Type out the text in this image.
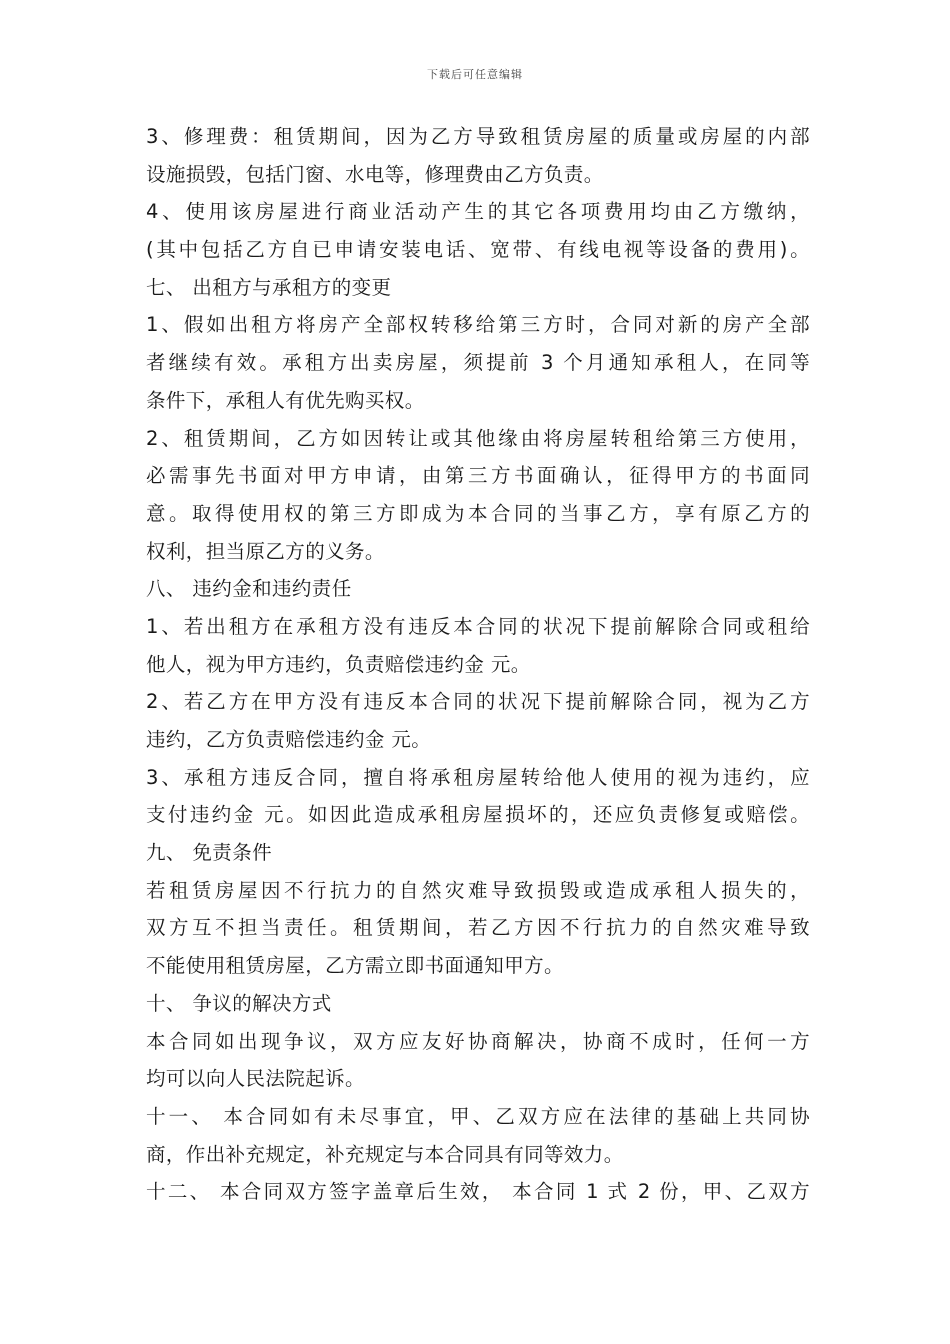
下载后可任意编辑
3、修理费：租赁期间，因为乙方导致租赁房屋的质量或房屋的内部
设施损毁，包括门窗、水电等，修理费由乙方负责。
4、使用该房屋进行商业活动产生的其它各项费用均由乙方缴纳，
(其中包括乙方自已申请安装电话、宽带、有线电视等设备的费用)。
七、 出租方与承租方的变更
1、假如出租方将房产全部权转移给第三方时，合同对新的房产全部
者继续有效。承租方出卖房屋，须提前 3 个月通知承租人，在同等
条件下，承租人有优先购买权。
2、租赁期间，乙方如因转让或其他缘由将房屋转租给第三方使用，
必需事先书面对甲方申请，由第三方书面确认，征得甲方的书面同
意。取得使用权的第三方即成为本合同的当事乙方，享有原乙方的
权利，担当原乙方的义务。
八、 违约金和违约责任
1、若出租方在承租方没有违反本合同的状况下提前解除合同或租给
他人，视为甲方违约，负责赔偿违约金 元。
2、若乙方在甲方没有违反本合同的状况下提前解除合同，视为乙方
违约，乙方负责赔偿违约金 元。
3、承租方违反合同，擅自将承租房屋转给他人使用的视为违约，应
支付违约金 元。如因此造成承租房屋损坏的，还应负责修复或赔偿。
九、 免责条件
若租赁房屋因不行抗力的自然灾难导致损毁或造成承租人损失的，
双方互不担当责任。租赁期间，若乙方因不行抗力的自然灾难导致
不能使用租赁房屋，乙方需立即书面通知甲方。
十、 争议的解决方式
本合同如出现争议，双方应友好协商解决，协商不成时，任何一方
均可以向人民法院起诉。
十一、 本合同如有未尽事宜，甲、乙双方应在法律的基础上共同协
商，作出补充规定，补充规定与本合同具有同等效力。
十二、 本合同双方签字盖章后生效， 本合同 1 式 2 份，甲、乙双方
